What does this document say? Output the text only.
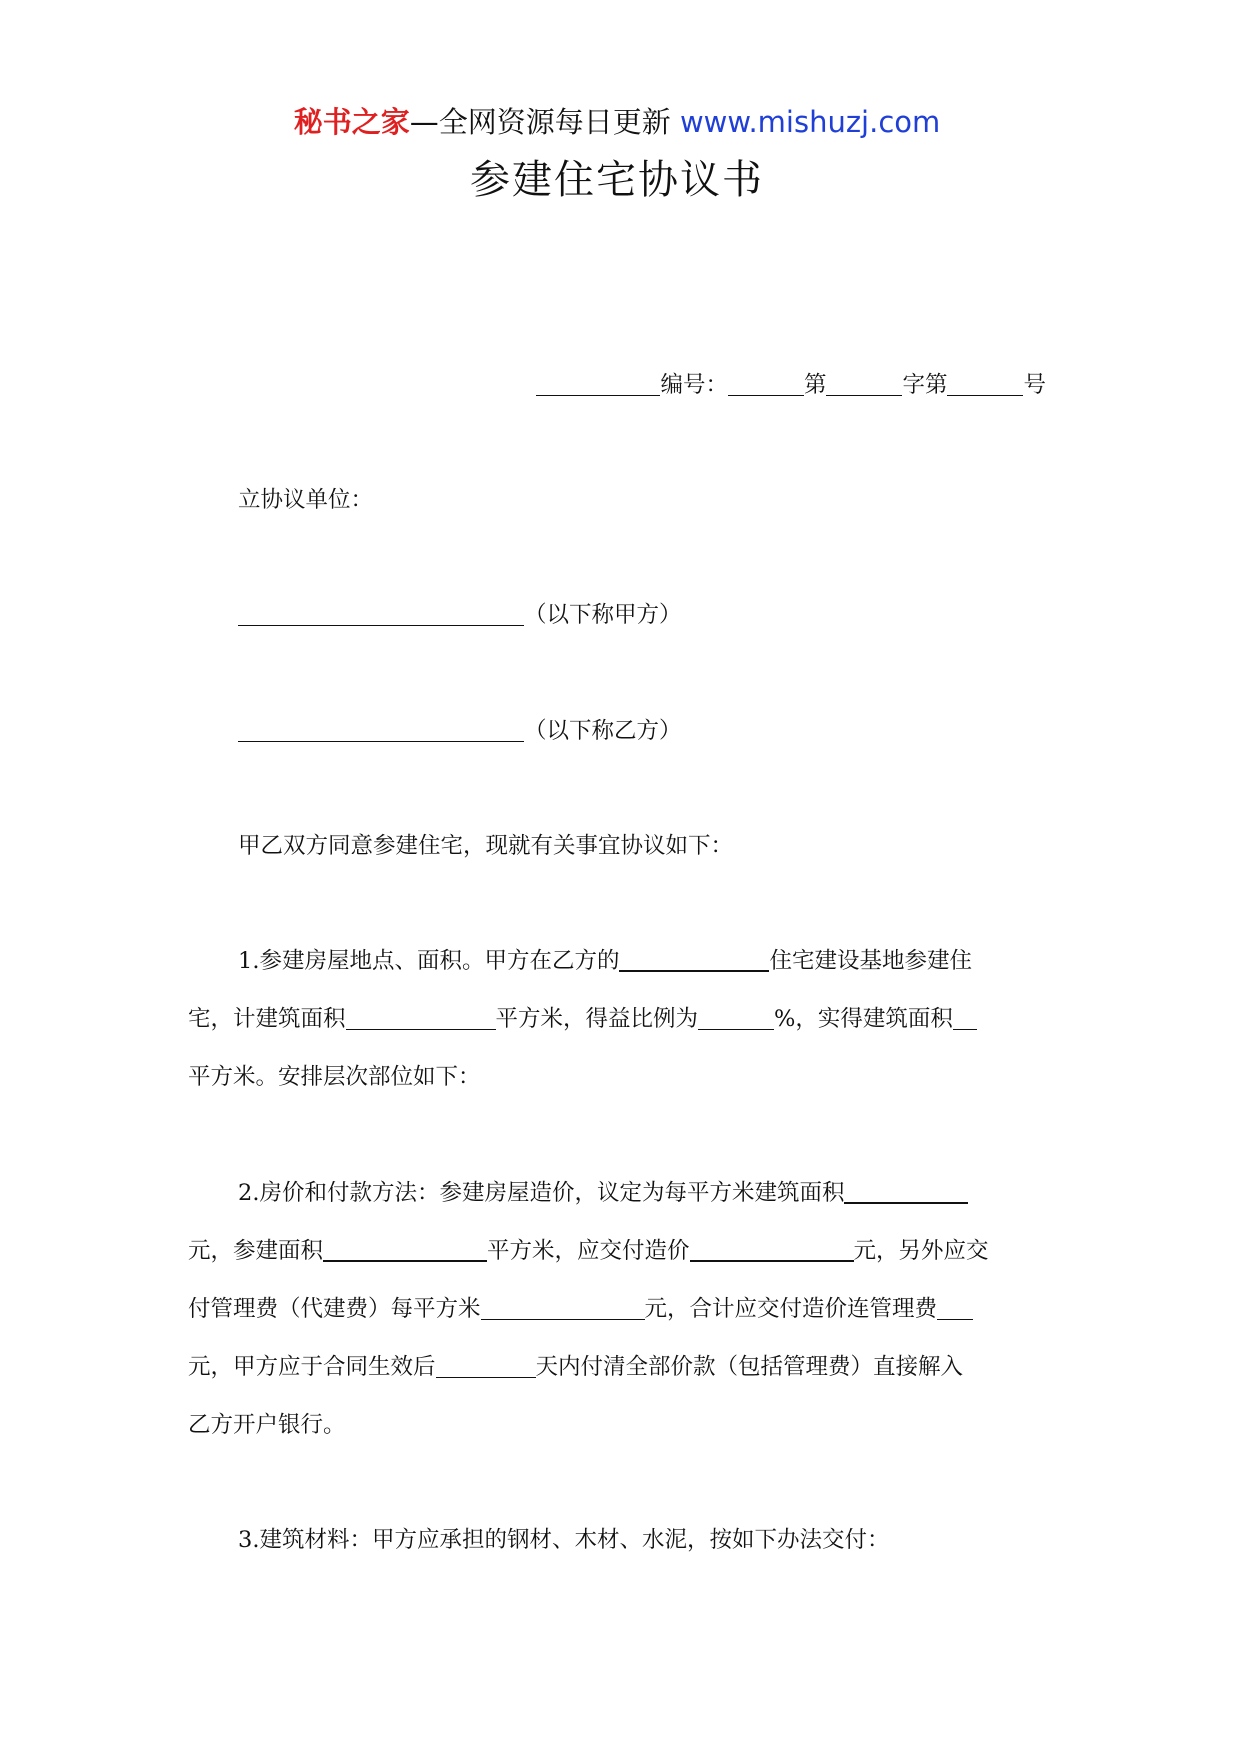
秘书之家—全网资源每日更新 www.mishuzj.com
参建住宅协议书
编号：	第	字第	号
立协议单位：
（以下称甲方）
（以下称乙方）
甲乙双方同意参建住宅，现就有关事宜协议如下：
1.参建房屋地点、面积。甲方在乙方的	住宅建设基地参建住
宅，计建筑面积	平方米，得益比例为	%，实得建筑面积
平方米。安排层次部位如下：
2.房价和付款方法：参建房屋造价，议定为每平方米建筑面积
元，参建面积	平方米，应交付造价	元，另外应交
付管理费（代建费）每平方米	元，合计应交付造价连管理费
元，甲方应于合同生效后	天内付清全部价款（包括管理费）直接解入
乙方开户银行。
3.建筑材料：甲方应承担的钢材、木材、水泥，按如下办法交付：
